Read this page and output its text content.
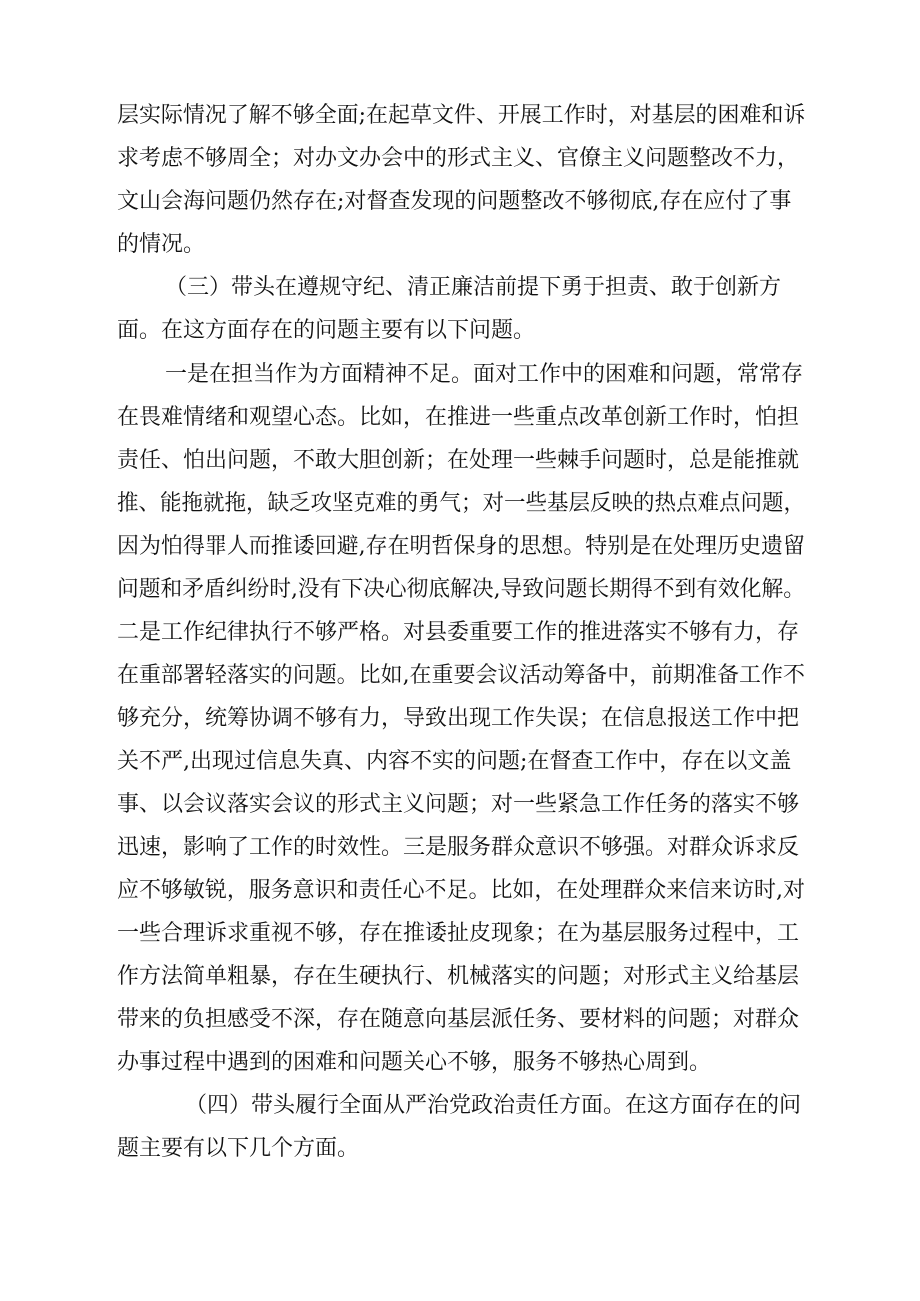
层实际情况了解不够全面;在起草文件、开展工作时，对基层的困难和诉
求考虑不够周全；对办文办会中的形式主义、官僚主义问题整改不力，
文山会海问题仍然存在;对督查发现的问题整改不够彻底,存在应付了事
的情况。
（三）带头在遵规守纪、清正廉洁前提下勇于担责、敢于创新方
面。在这方面存在的问题主要有以下问题。
一是在担当作为方面精神不足。面对工作中的困难和问题，常常存
在畏难情绪和观望心态。比如，在推进一些重点改革创新工作时，怕担
责任、怕出问题，不敢大胆创新；在处理一些棘手问题时，总是能推就
推、能拖就拖，缺乏攻坚克难的勇气；对一些基层反映的热点难点问题，
因为怕得罪人而推诿回避,存在明哲保身的思想。特别是在处理历史遗留
问题和矛盾纠纷时,没有下决心彻底解决,导致问题长期得不到有效化解。
二是工作纪律执行不够严格。对县委重要工作的推进落实不够有力，存
在重部署轻落实的问题。比如,在重要会议活动筹备中，前期准备工作不
够充分，统筹协调不够有力，导致出现工作失误；在信息报送工作中把
关不严,出现过信息失真、内容不实的问题;在督查工作中，存在以文盖
事、以会议落实会议的形式主义问题；对一些紧急工作任务的落实不够
迅速，影响了工作的时效性。三是服务群众意识不够强。对群众诉求反
应不够敏锐，服务意识和责任心不足。比如，在处理群众来信来访时,对
一些合理诉求重视不够，存在推诿扯皮现象；在为基层服务过程中，工
作方法简单粗暴，存在生硬执行、机械落实的问题；对形式主义给基层
带来的负担感受不深，存在随意向基层派任务、要材料的问题；对群众
办事过程中遇到的困难和问题关心不够，服务不够热心周到。
（四）带头履行全面从严治党政治责任方面。在这方面存在的问
题主要有以下几个方面。
